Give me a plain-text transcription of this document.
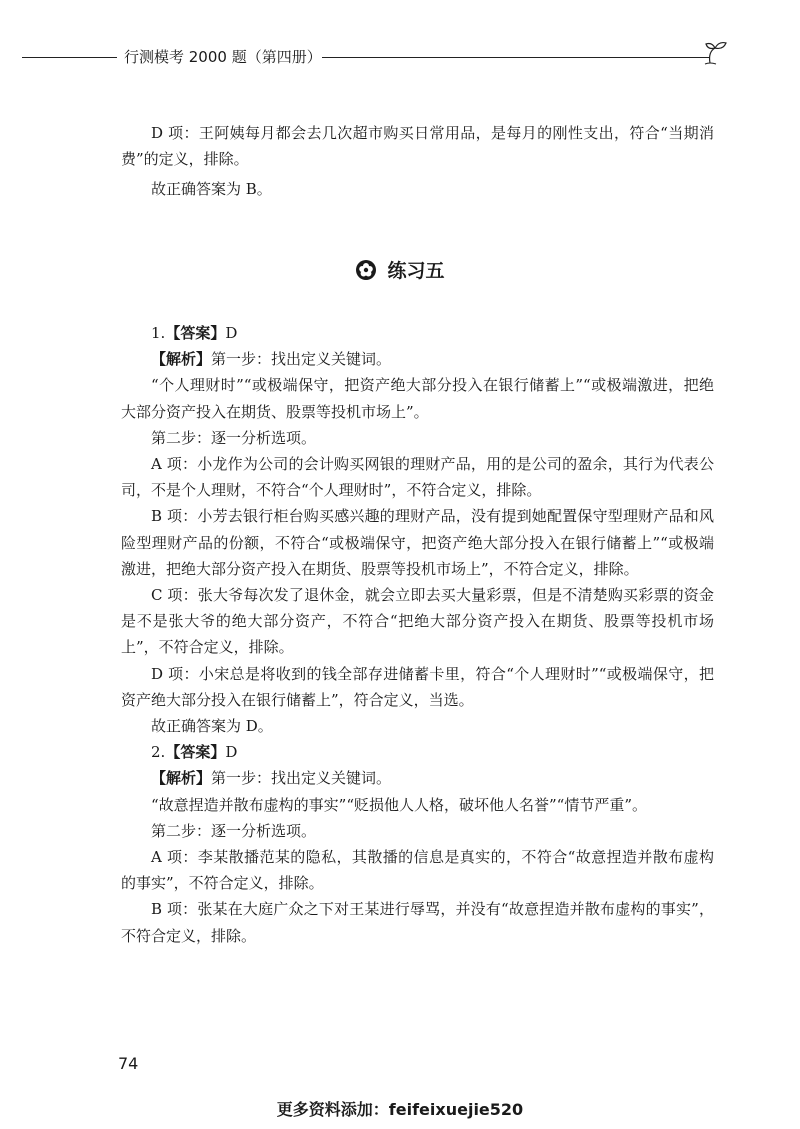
行测模考 2000 题（第四册）

D 项：王阿姨每月都会去几次超市购买日常用品，是每月的刚性支出，符合“当期消费”的定义，排除。

故正确答案为 B。

练习五

1.【答案】D

【解析】第一步：找出定义关键词。

“个人理财时”“或极端保守，把资产绝大部分投入在银行储蓄上”“或极端激进，把绝大部分资产投入在期货、股票等投机市场上”。

第二步：逐一分析选项。

A 项：小龙作为公司的会计购买网银的理财产品，用的是公司的盈余，其行为代表公司，不是个人理财，不符合“个人理财时”，不符合定义，排除。

B 项：小芳去银行柜台购买感兴趣的理财产品，没有提到她配置保守型理财产品和风险型理财产品的份额，不符合“或极端保守，把资产绝大部分投入在银行储蓄上”“或极端激进，把绝大部分资产投入在期货、股票等投机市场上”，不符合定义，排除。

C 项：张大爷每次发了退休金，就会立即去买大量彩票，但是不清楚购买彩票的资金是不是张大爷的绝大部分资产，不符合“把绝大部分资产投入在期货、股票等投机市场上”，不符合定义，排除。

D 项：小宋总是将收到的钱全部存进储蓄卡里，符合“个人理财时”“或极端保守，把资产绝大部分投入在银行储蓄上”，符合定义，当选。

故正确答案为 D。

2.【答案】D

【解析】第一步：找出定义关键词。

“故意捏造并散布虚构的事实”“贬损他人人格，破坏他人名誉”“情节严重”。

第二步：逐一分析选项。

A 项：李某散播范某的隐私，其散播的信息是真实的，不符合“故意捏造并散布虚构的事实”，不符合定义，排除。

B 项：张某在大庭广众之下对王某进行辱骂，并没有“故意捏造并散布虚构的事实”，不符合定义，排除。

74
更多资料添加：feifeixuejie520
